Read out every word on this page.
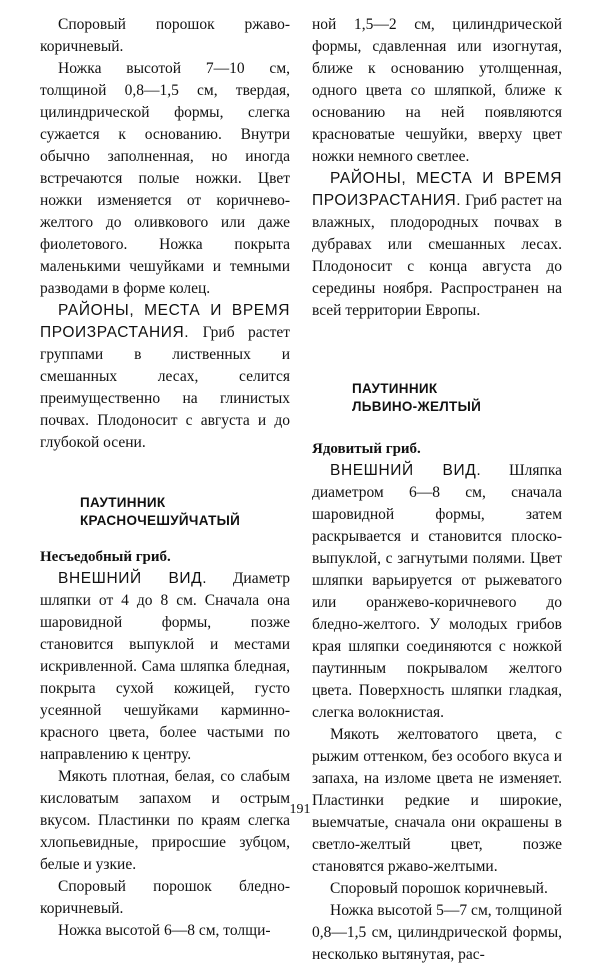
Споровый порошок ржаво-коричневый.

Ножка высотой 7—10 см, толщиной 0,8—1,5 см, твердая, цилиндрической формы, слегка сужается к основанию. Внутри обычно заполненная, но иногда встречаются полые ножки. Цвет ножки изменяется от коричнево-желтого до оливкового или даже фиолетового. Ножка покрыта маленькими чешуйками и темными разводами в форме колец.

РАЙОНЫ, МЕСТА И ВРЕМЯ ПРОИЗРАСТАНИЯ. Гриб растет группами в лиственных и смешанных лесах, селится преимущественно на глинистых почвах. Плодоносит с августа и до глубокой осени.

ПАУТИННИК
КРАСНОЧЕШУЙЧАТЫЙ

Несъедобный гриб.

ВНЕШНИЙ ВИД. Диаметр шляпки от 4 до 8 см. Сначала она шаровидной формы, позже становится выпуклой и местами искривленной. Сама шляпка бледная, покрыта сухой кожицей, густо усеянной чешуйками карминно-красного цвета, более частыми по направлению к центру.

Мякоть плотная, белая, со слабым кисловатым запахом и острым вкусом. Пластинки по краям слегка хлопьевидные, приросшие зубцом, белые и узкие.

Споровый порошок бледно-коричневый.

Ножка высотой 6—8 см, толщи-

ной 1,5—2 см, цилиндрической формы, сдавленная или изогнутая, ближе к основанию утолщенная, одного цвета со шляпкой, ближе к основанию на ней появляются красноватые чешуйки, вверху цвет ножки немного светлее.

РАЙОНЫ, МЕСТА И ВРЕМЯ ПРОИЗРАСТАНИЯ. Гриб растет на влажных, плодородных почвах в дубравах или смешанных лесах. Плодоносит с конца августа до середины ноября. Распространен на всей территории Европы.

ПАУТИННИК
ЛЬВИНО-ЖЕЛТЫЙ

Ядовитый гриб.

ВНЕШНИЙ ВИД. Шляпка диаметром 6—8 см, сначала шаровидной формы, затем раскрывается и становится плоско-выпуклой, с загнутыми полями. Цвет шляпки варьируется от рыжеватого или оранжево-коричневого до бледно-желтого. У молодых грибов края шляпки соединяются с ножкой паутинным покрывалом желтого цвета. Поверхность шляпки гладкая, слегка волокнистая.

Мякоть желтоватого цвета, с рыжим оттенком, без особого вкуса и запаха, на изломе цвета не изменяет. Пластинки редкие и широкие, выемчатые, сначала они окрашены в светло-желтый цвет, позже становятся ржаво-желтыми.

Споровый порошок коричневый.

Ножка высотой 5—7 см, толщиной 0,8—1,5 см, цилиндрической формы, несколько вытянутая, рас-

191
